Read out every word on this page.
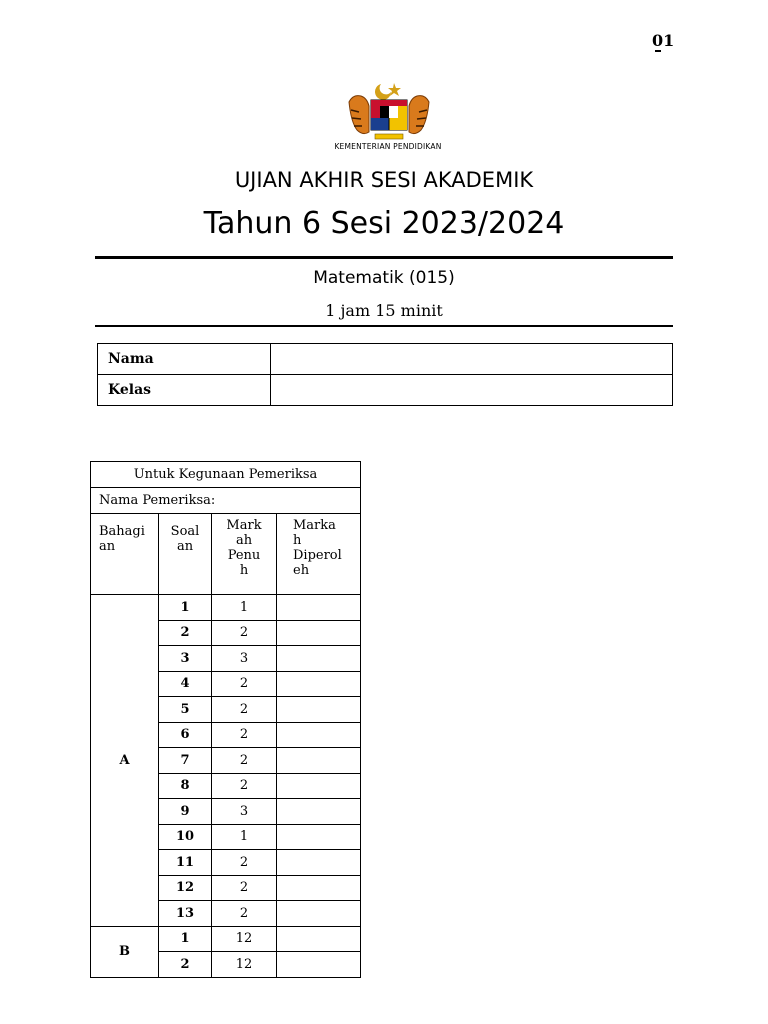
01
KEMENTERIAN PENDIDIKAN
UJIAN AKHIR SESI AKADEMIK
Tahun 6 Sesi 2023/2024
Matematik (015)
1 jam 15 minit
Nama	
Kelas	
Untuk Kegunaan Pemeriksa			
Nama Pemeriksa:			
Bahagi
an	Soal
an	Mark
ah
Penu
h	Marka
h
Diperol
eh
A	1	1	
	2	2	
	3	3	
	4	2	
	5	2	
	6	2	
	7	2	
	8	2	
	9	3	
	10	1	
	11	2	
	12	2	
	13	2	
B	1	12	
	2	12	
